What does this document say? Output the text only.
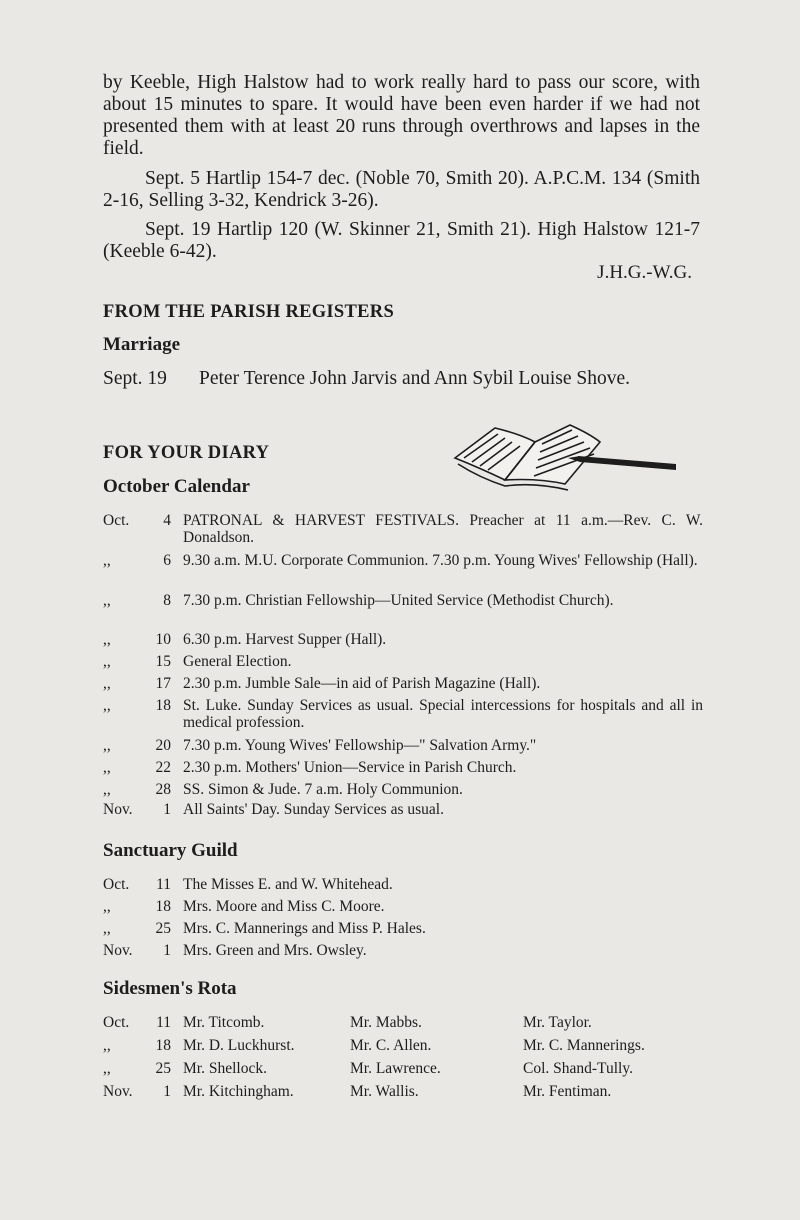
by Keeble, High Halstow had to work really hard to pass our score, with about 15 minutes to spare. It would have been even harder if we had not presented them with at least 20 runs through overthrows and lapses in the field.
Sept. 5 Hartlip 154-7 dec. (Noble 70, Smith 20). A.P.C.M. 134 (Smith 2-16, Selling 3-32, Kendrick 3-26).
Sept. 19 Hartlip 120 (W. Skinner 21, Smith 21). High Halstow 121-7 (Keeble 6-42).
J.H.G.-W.G.
FROM THE PARISH REGISTERS
Marriage
Sept. 19 Peter Terence John Jarvis and Ann Sybil Louise Shove.
FOR YOUR DIARY
October Calendar
Oct.	4 PATRONAL & HARVEST FESTIVALS. Preacher at 11 a.m.—Rev. C. W. Donaldson.
,,	6 9.30 a.m. M.U. Corporate Communion. 7.30 p.m. Young Wives' Fellowship (Hall).
,,	8 7.30 p.m. Christian Fellowship—United Service (Methodist Church).
,,	10 6.30 p.m. Harvest Supper (Hall).
,,	15 General Election.
,,	17 2.30 p.m. Jumble Sale—in aid of Parish Magazine (Hall).
,,	18 St. Luke. Sunday Services as usual. Special intercessions for hospitals and all in medical profession.
,,	20 7.30 p.m. Young Wives' Fellowship—" Salvation Army."
,,	22 2.30 p.m. Mothers' Union—Service in Parish Church.
,,	28 SS. Simon & Jude. 7 a.m. Holy Communion.
Nov.	1 All Saints' Day. Sunday Services as usual.
Sanctuary Guild
Oct.	11 The Misses E. and W. Whitehead.
,,	18 Mrs. Moore and Miss C. Moore.
,,	25 Mrs. C. Mannerings and Miss P. Hales.
Nov.	1 Mrs. Green and Mrs. Owsley.
Sidesmen's Rota
Oct.	11 Mr. Titcomb.	Mr. Mabbs.	Mr. Taylor.
,,	18 Mr. D. Luckhurst.	Mr. C. Allen.	Mr. C. Mannerings.
,,	25 Mr. Shellock.	Mr. Lawrence.	Col. Shand-Tully.
Nov.	1 Mr. Kitchingham.	Mr. Wallis.	Mr. Fentiman.
